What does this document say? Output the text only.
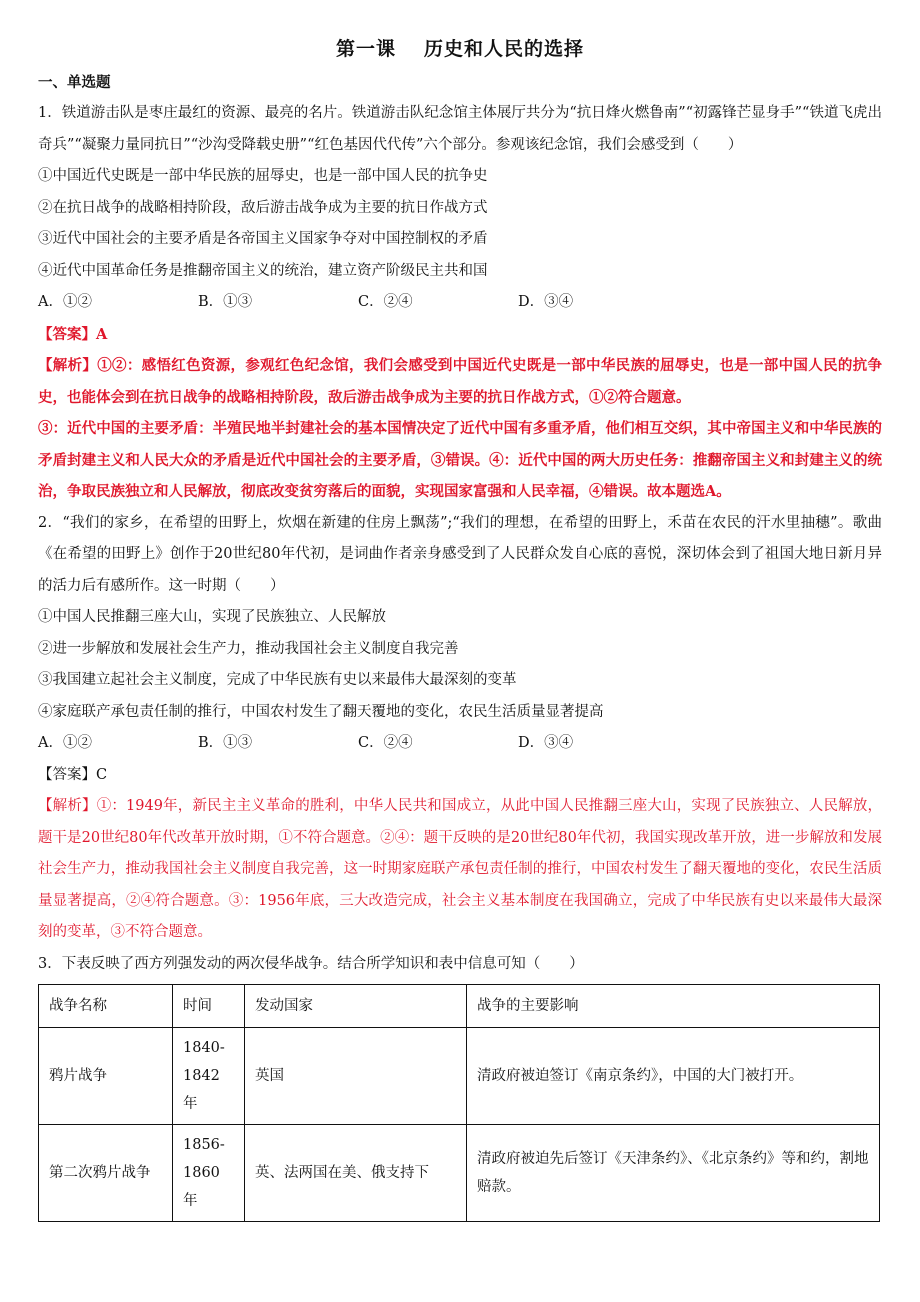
第一课 历史和人民的选择
一、单选题
1．铁道游击队是枣庄最红的资源、最亮的名片。铁道游击队纪念馆主体展厅共分为“抗日烽火燃鲁南”“初露锋芒显身手”“铁道飞虎出奇兵”“凝聚力量同抗日”“沙沟受降载史册”“红色基因代代传”六个部分。参观该纪念馆，我们会感受到（　　）
①中国近代史既是一部中华民族的屈辱史，也是一部中国人民的抗争史
②在抗日战争的战略相持阶段，敌后游击战争成为主要的抗日作战方式
③近代中国社会的主要矛盾是各帝国主义国家争夺对中国控制权的矛盾
④近代中国革命任务是推翻帝国主义的统治，建立资产阶级民主共和国
A．①②	B．①③	C．②④	D．③④
【答案】A
【解析】①②：感悟红色资源，参观红色纪念馆，我们会感受到中国近代史既是一部中华民族的屈辱史，也是一部中国人民的抗争史，也能体会到在抗日战争的战略相持阶段，敌后游击战争成为主要的抗日作战方式，①②符合题意。
③：近代中国的主要矛盾：半殖民地半封建社会的基本国情决定了近代中国有多重矛盾，他们相互交织，其中帝国主义和中华民族的矛盾封建主义和人民大众的矛盾是近代中国社会的主要矛盾，③错误。④：近代中国的两大历史任务：推翻帝国主义和封建主义的统治，争取民族独立和人民解放，彻底改变贫穷落后的面貌，实现国家富强和人民幸福，④错误。故本题选A。
2．“我们的家乡，在希望的田野上，炊烟在新建的住房上飘荡”;“我们的理想，在希望的田野上，禾苗在农民的汗水里抽穗”。歌曲《在希望的田野上》创作于20世纪80年代初，是词曲作者亲身感受到了人民群众发自心底的喜悦，深切体会到了祖国大地日新月异的活力后有感所作。这一时期（　　）
①中国人民推翻三座大山，实现了民族独立、人民解放
②进一步解放和发展社会生产力，推动我国社会主义制度自我完善
③我国建立起社会主义制度，完成了中华民族有史以来最伟大最深刻的变革
④家庭联产承包责任制的推行，中国农村发生了翻天覆地的变化，农民生活质量显著提高
A．①②	B．①③	C．②④	D．③④
【答案】C
【解析】①：1949年，新民主主义革命的胜利，中华人民共和国成立，从此中国人民推翻三座大山，实现了民族独立、人民解放，题干是20世纪80年代改革开放时期，①不符合题意。②④：题干反映的是20世纪80年代初，我国实现改革开放，进一步解放和发展社会生产力，推动我国社会主义制度自我完善，这一时期家庭联产承包责任制的推行，中国农村发生了翻天覆地的变化，农民生活质量显著提高，②④符合题意。③：1956年底，三大改造完成，社会主义基本制度在我国确立，完成了中华民族有史以来最伟大最深刻的变革，③不符合题意。
3．下表反映了西方列强发动的两次侵华战争。结合所学知识和表中信息可知（　　）
战争名称	时间	发动国家	战争的主要影响
鸦片战争	1840-1842年	英国	清政府被迫签订《南京条约》，中国的大门被打开。
第二次鸦片战争	1856-1860年	英、法两国在美、俄支持下	清政府被迫先后签订《天津条约》、《北京条约》等和约，割地赔款。
